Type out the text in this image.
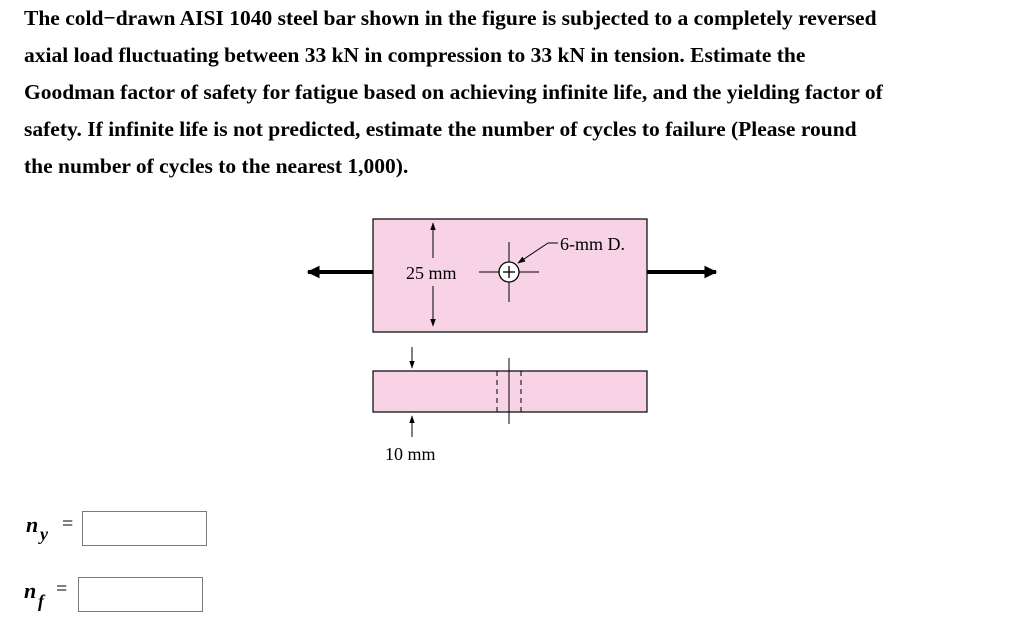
The cold−drawn AISI 1040 steel bar shown in the figure is subjected to a completely reversed
axial load fluctuating between 33 kN in compression to 33 kN in tension. Estimate the
Goodman factor of safety for fatigue based on achieving infinite life, and the yielding factor of
safety. If infinite life is not predicted, estimate the number of cycles to failure (Please round
the number of cycles to the nearest 1,000).
25 mm
6-mm D.
10 mm
n y =
n f
=
